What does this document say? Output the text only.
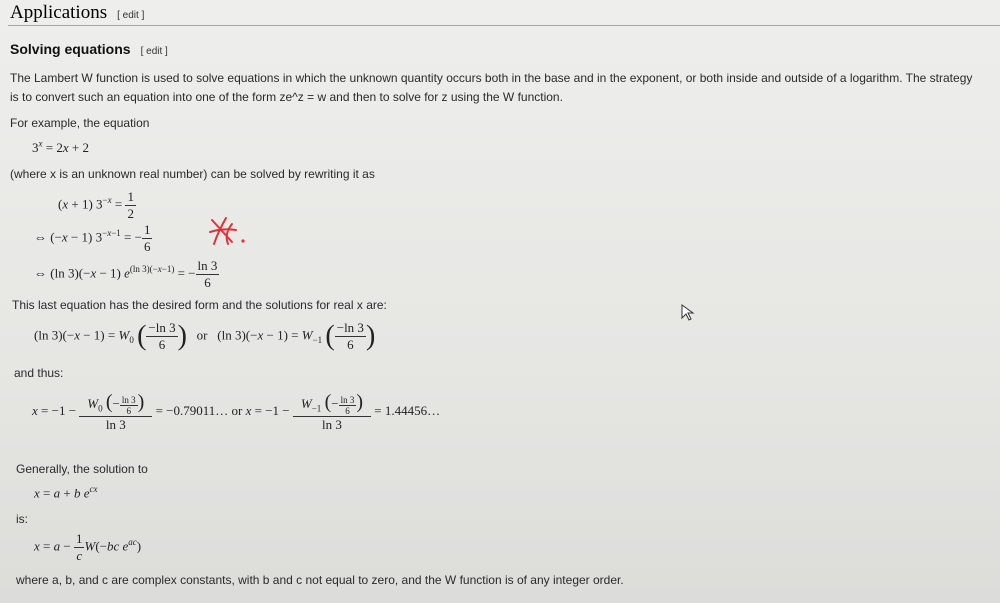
Applications [ edit ]
Solving equations [ edit ]
The Lambert W function is used to solve equations in which the unknown quantity occurs both in the base and in the exponent, or both inside and outside of a logarithm. The strategy
is to convert such an equation into one of the form ze^z = w and then to solve for z using the W function.
For example, the equation
$3^x = 2x + 2$
(where x is an unknown real number) can be solved by rewriting it as
(x + 1) $3^{-x} = \frac{1}{2}$
⇔ (−x − 1) $3^{-x-1}$ = − $\frac{1}{6}$
⇔ (ln 3)(−x − 1) $e^{(ln 3)(-x-1)}$ = − $\frac{\ln 3}{6}$
This last equation has the desired form and the solutions for real x are:
(ln $3)(-x - 1) = W_0$ ( $\frac{-\ln 3}{6}$ ) or   (ln $3)(-x - 1) = W_{-1}$ ( $\frac{-\ln 3}{6}$ )
and thus:
$x = -1 - \frac{W_0 (- \frac{\ln 3}{6} )}{\ln 3}$ = −0.79011… or $x = -1 - \frac{W_{-1} (- \frac{\ln 3}{6} )}{\ln 3}$ = 1.44456…
Generally, the solution to
x = a + b $e^{cx}$
is:
$x = a - \frac{1}{c} W(-bc$ $e^{ac}$)
where a, b, and c are complex constants, with b and c not equal to zero, and the W function is of any integer order.
